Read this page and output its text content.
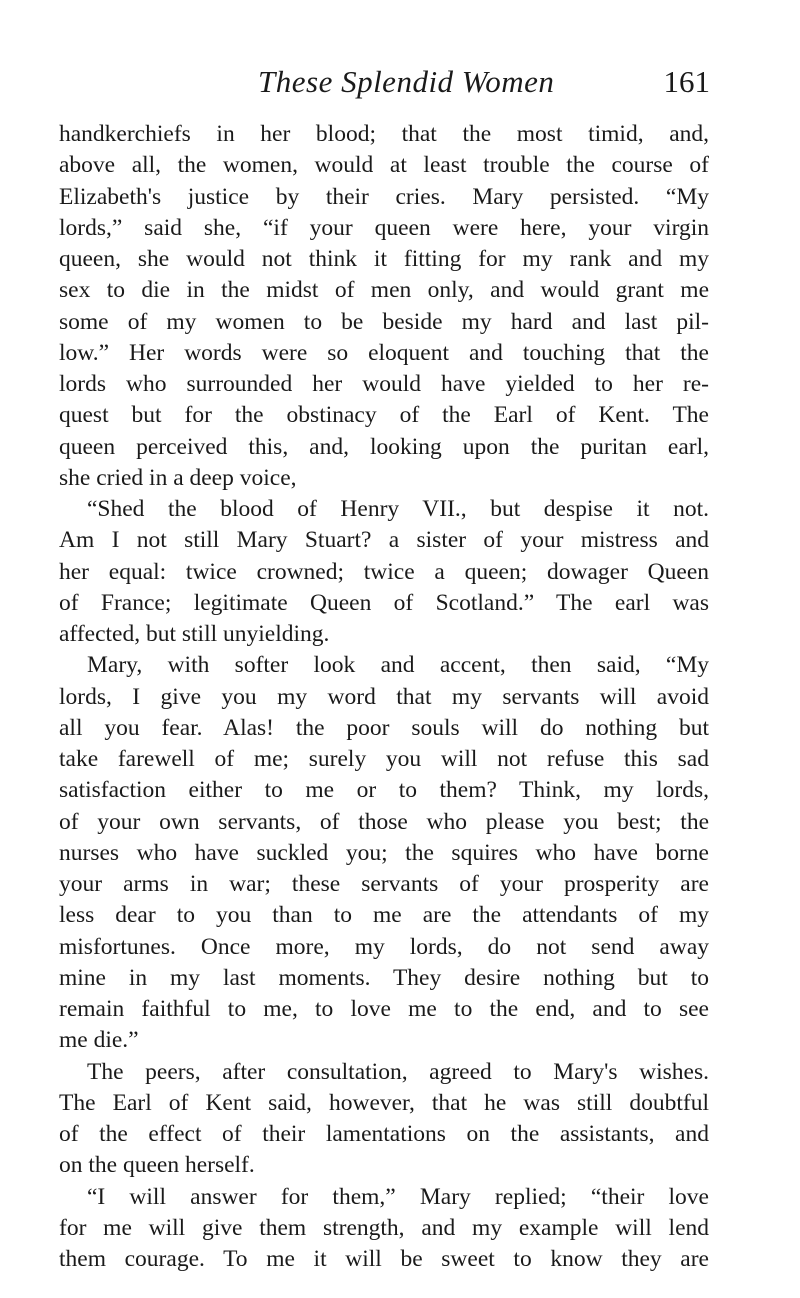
These Splendid Women	161
handkerchiefs in her blood; that the most timid, and,
above all, the women, would at least trouble the course of
Elizabeth's justice by their cries. Mary persisted. “My
lords,” said she, “if your queen were here, your virgin
queen, she would not think it fitting for my rank and my
sex to die in the midst of men only, and would grant me
some of my women to be beside my hard and last pil-
low.” Her words were so eloquent and touching that the
lords who surrounded her would have yielded to her re-
quest but for the obstinacy of the Earl of Kent. The
queen perceived this, and, looking upon the puritan earl,
she cried in a deep voice,
“Shed the blood of Henry VII., but despise it not.
Am I not still Mary Stuart? a sister of your mistress and
her equal: twice crowned; twice a queen; dowager Queen
of France; legitimate Queen of Scotland.” The earl was
affected, but still unyielding.
Mary, with softer look and accent, then said, “My
lords, I give you my word that my servants will avoid
all you fear. Alas! the poor souls will do nothing but
take farewell of me; surely you will not refuse this sad
satisfaction either to me or to them? Think, my lords,
of your own servants, of those who please you best; the
nurses who have suckled you; the squires who have borne
your arms in war; these servants of your prosperity are
less dear to you than to me are the attendants of my
misfortunes. Once more, my lords, do not send away
mine in my last moments. They desire nothing but to
remain faithful to me, to love me to the end, and to see
me die.”
The peers, after consultation, agreed to Mary's wishes.
The Earl of Kent said, however, that he was still doubtful
of the effect of their lamentations on the assistants, and
on the queen herself.
“I will answer for them,” Mary replied; “their love
for me will give them strength, and my example will lend
them courage. To me it will be sweet to know they are
